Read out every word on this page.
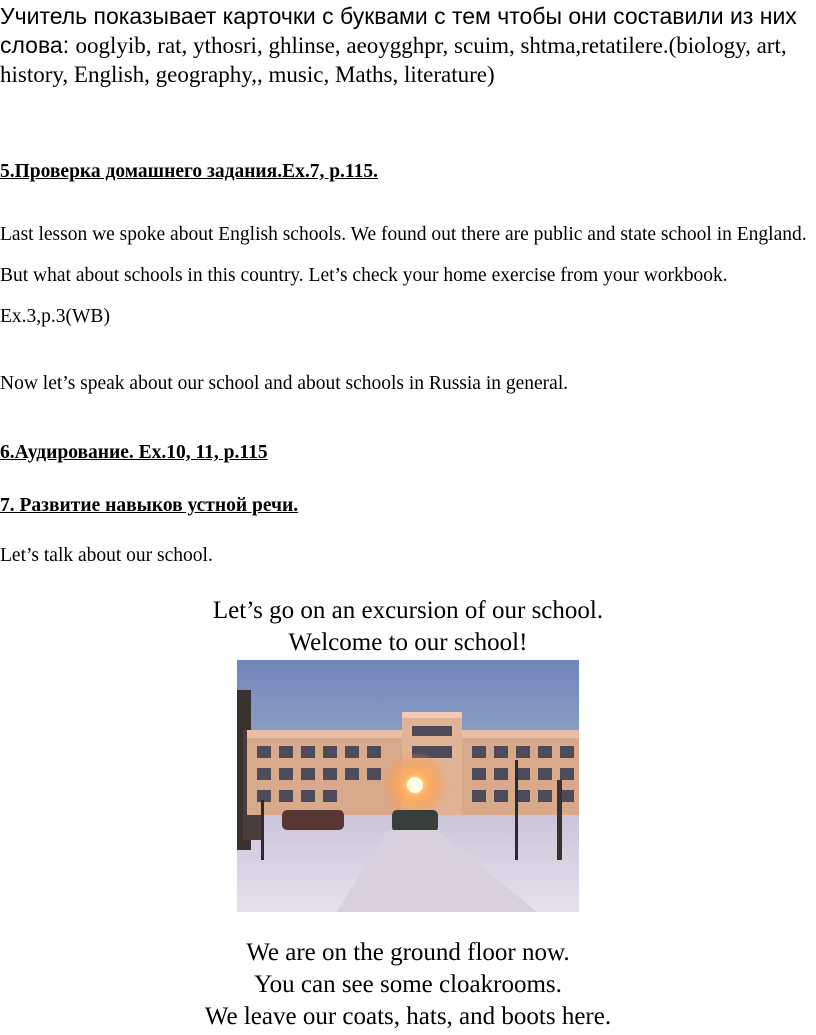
Учитель показывает карточки с буквами с тем чтобы они составили из них слова: ooglyib, rat, ythosri, ghlinse, aeoygghpr, scuim, shtma,retatilere.(biology, art, history, English, geography,, music, Maths, literature)

5.Проверка домашнего задания.Ex.7, p.115.

Last lesson we spoke about English schools. We found out there are public and state school in England. But what about schools in this country. Let’s check your home exercise from your workbook. Ex.3,p.3(WB)

Now let’s speak about our school and about schools in Russia in general.

6.Аудирование. Ex.10, 11, p.115
7. Развитие навыков устной речи.

Let’s talk about our school.

Let’s go on an excursion of our school.

Welcome to our school!

We are on the ground floor now.

You can see some cloakrooms.

We leave our coats, hats, and boots here.
